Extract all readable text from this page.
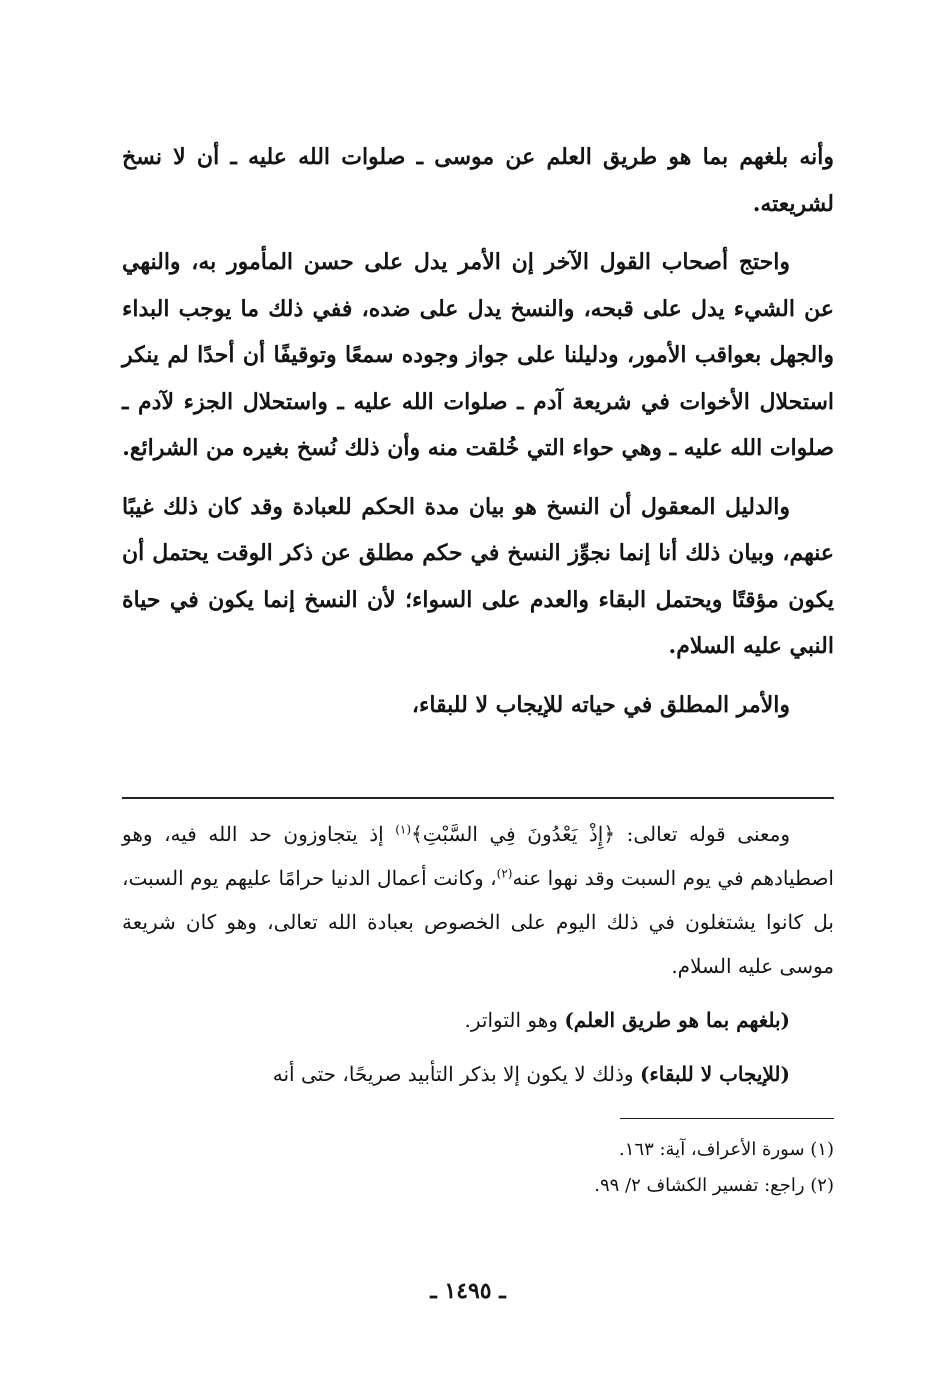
وأنه بلغهم بما هو طريق العلم عن موسى ـ صلوات الله عليه ـ أن لا نسخ لشريعته.

واحتج أصحاب القول الآخر إن الأمر يدل على حسن المأمور به، والنهي عن الشيء يدل على قبحه، والنسخ يدل على ضده، ففي ذلك ما يوجب البداء والجهل بعواقب الأمور، ودليلنا على جواز وجوده سمعًا وتوقيفًا أن أحدًا لم ينكر استحلال الأخوات في شريعة آدم ـ صلوات الله عليه ـ واستحلال الجزء لآدم ـ صلوات الله عليه ـ وهي حواء التي خُلقت منه وأن ذلك نُسخ بغيره من الشرائع.

والدليل المعقول أن النسخ هو بيان مدة الحكم للعبادة وقد كان ذلك غيبًا عنهم، وبيان ذلك أنا إنما نجوِّز النسخ في حكم مطلق عن ذكر الوقت يحتمل أن يكون مؤقتًا ويحتمل البقاء والعدم على السواء؛ لأن النسخ إنما يكون في حياة النبي عليه السلام.

والأمر المطلق في حياته للإيجاب لا للبقاء،

ومعنى قوله تعالى: ﴿إِذْ يَعْدُونَ فِي السَّبْتِ﴾$^{(١)}$ إذ يتجاوزون حد الله فيه، وهو اصطيادهم في يوم السبت وقد نهوا عنه$^{(٢)}$، وكانت أعمال الدنيا حرامًا عليهم يوم السبت، بل كانوا يشتغلون في ذلك اليوم على الخصوص بعبادة الله تعالى، وهو كان شريعة موسى عليه السلام.

(بلغهم بما هو طريق العلم) وهو التواتر.

(للإيجاب لا للبقاء) وذلك لا يكون إلا بذكر التأبيد صريحًا، حتى أنه

(١) سورة الأعراف، آية: ١٦٣.

(٢) راجع: تفسير الكشاف ٢/ ٩٩.

ـ ١٤٩٥ ـ
